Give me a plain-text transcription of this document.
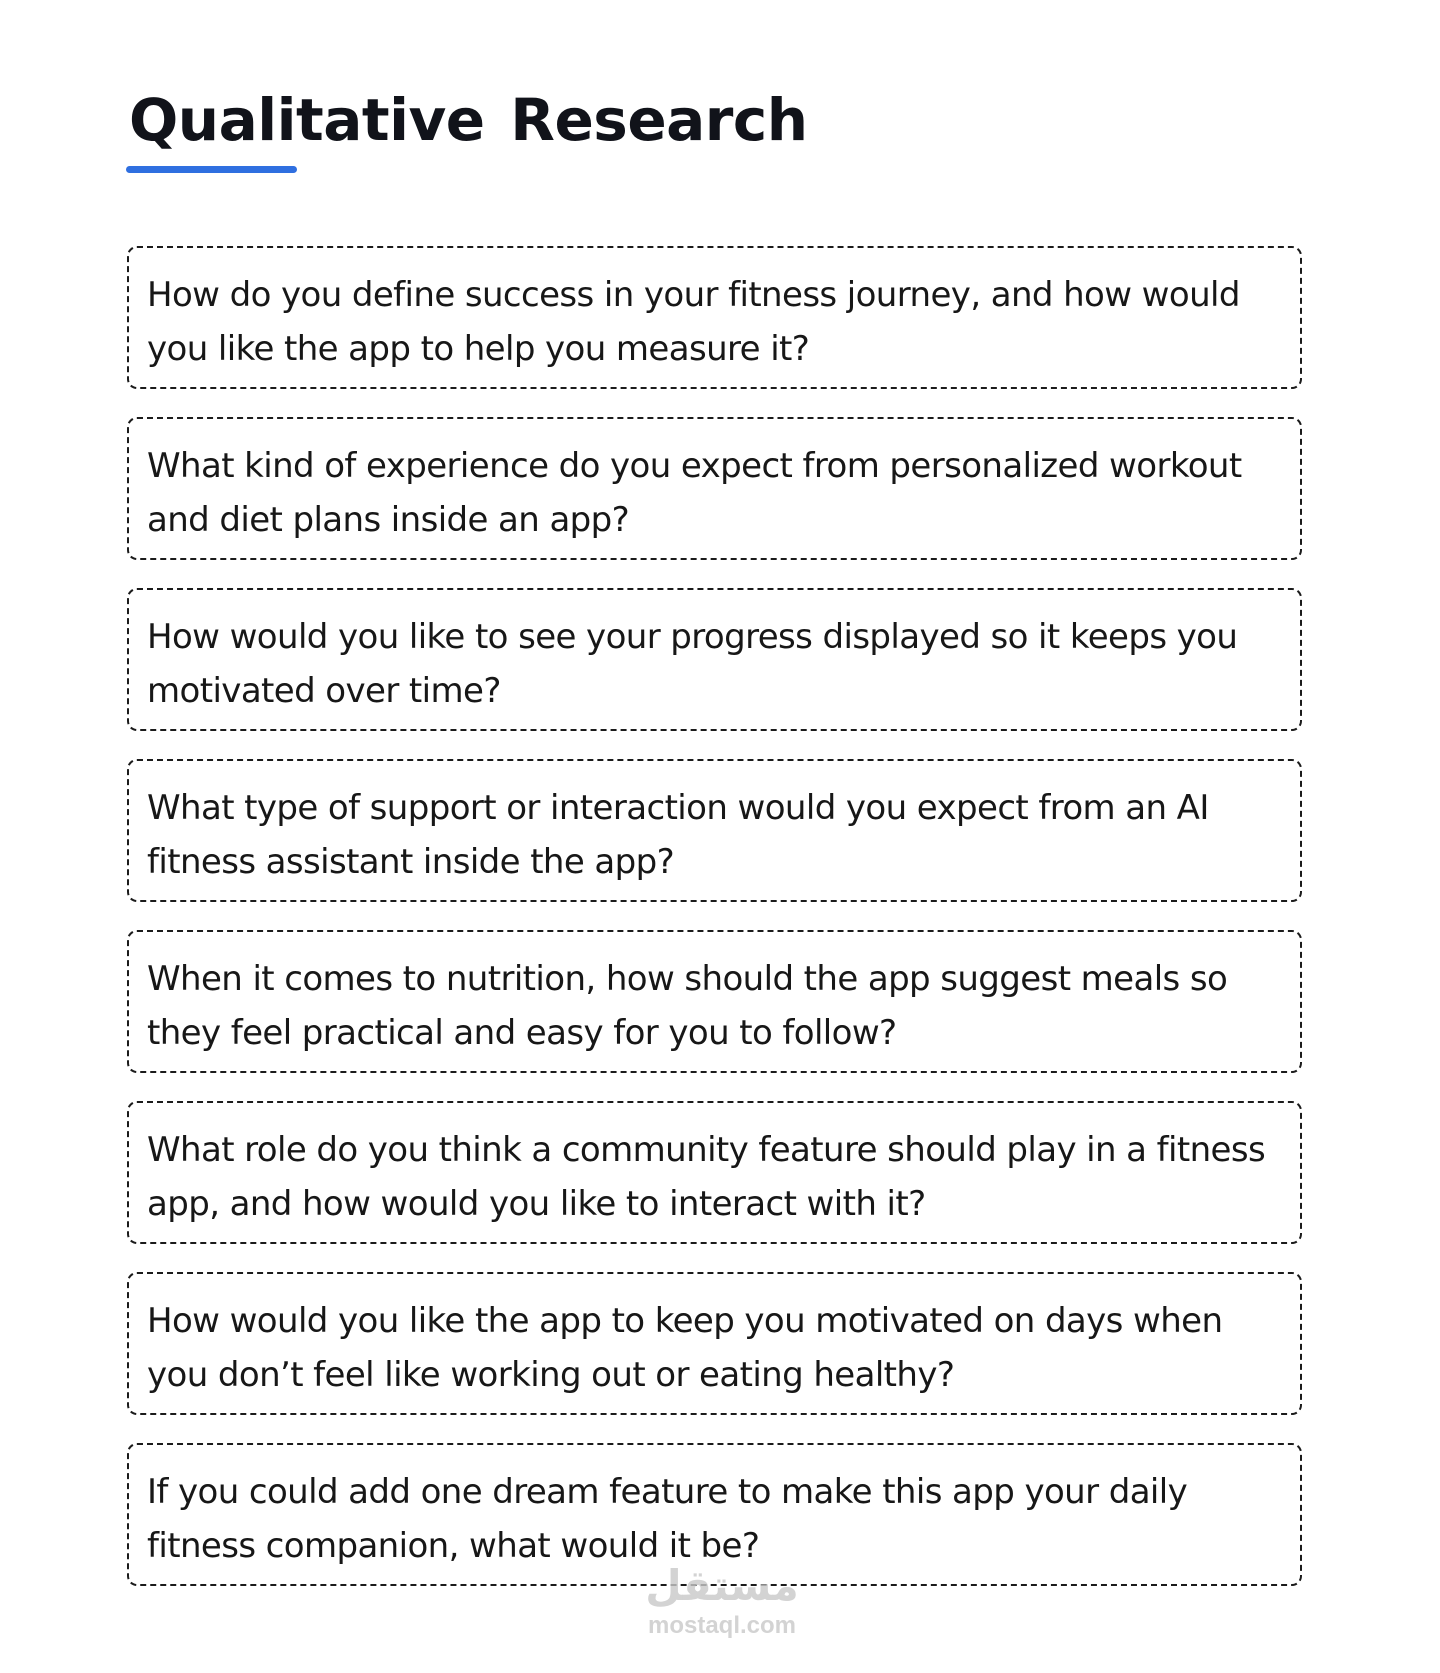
Qualitative Research

How do you define success in your fitness journey, and how would you like the app to help you measure it?

What kind of experience do you expect from personalized workout and diet plans inside an app?

How would you like to see your progress displayed so it keeps you motivated over time?

What type of support or interaction would you expect from an AI fitness assistant inside the app?

When it comes to nutrition, how should the app suggest meals so they feel practical and easy for you to follow?

What role do you think a community feature should play in a fitness app, and how would you like to interact with it?

How would you like the app to keep you motivated on days when you don’t feel like working out or eating healthy?

If you could add one dream feature to make this app your daily fitness companion, what would it be?

مستقل
mostaql.com
